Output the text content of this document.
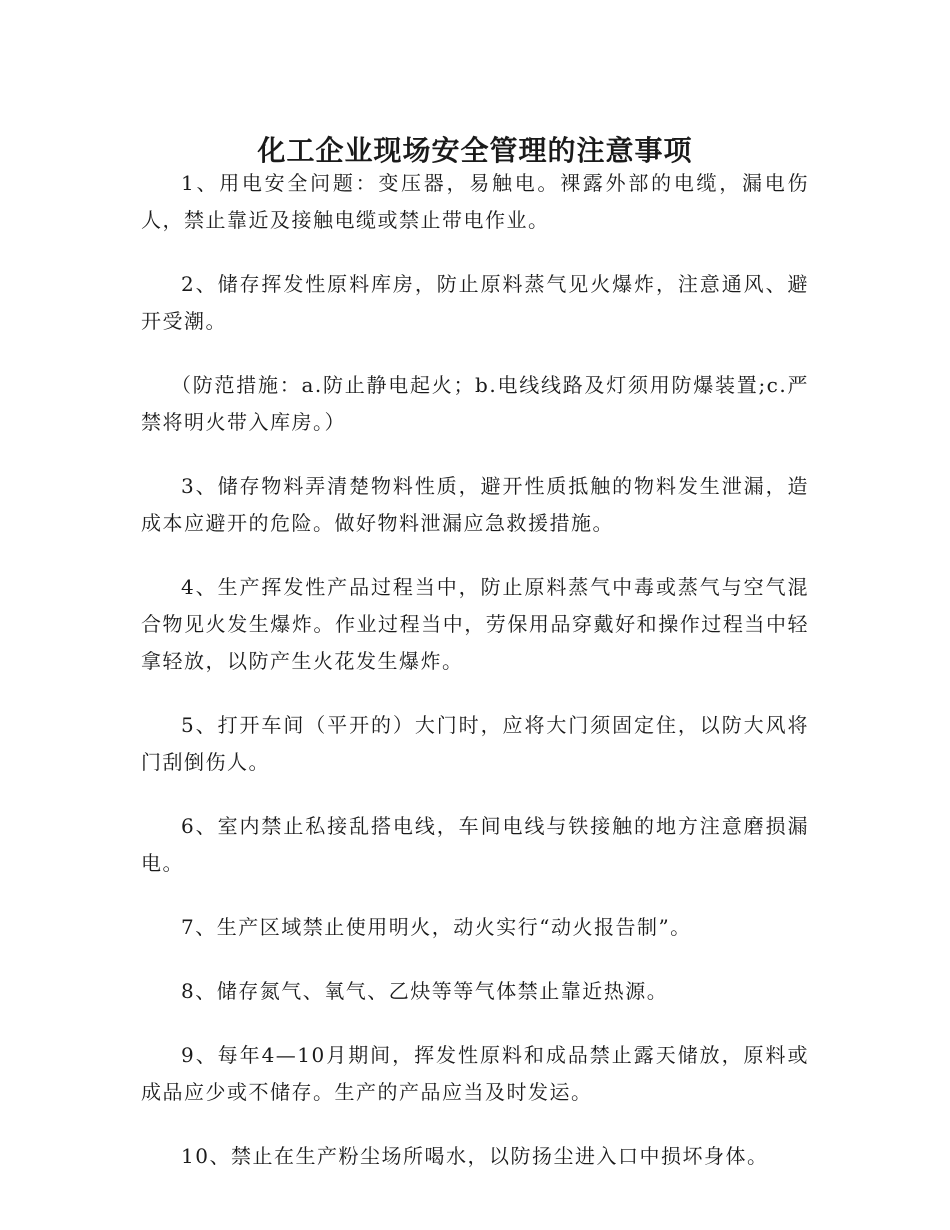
化工企业现场安全管理的注意事项

1、用电安全问题：变压器，易触电。裸露外部的电缆，漏电伤人，禁止靠近及接触电缆或禁止带电作业。

2、储存挥发性原料库房，防止原料蒸气见火爆炸，注意通风、避开受潮。

（防范措施：a.防止静电起火；b.电线线路及灯须用防爆装置;c.严禁将明火带入库房。）

3、储存物料弄清楚物料性质，避开性质抵触的物料发生泄漏，造成本应避开的危险。做好物料泄漏应急救援措施。

4、生产挥发性产品过程当中，防止原料蒸气中毒或蒸气与空气混合物见火发生爆炸。作业过程当中，劳保用品穿戴好和操作过程当中轻拿轻放，以防产生火花发生爆炸。

5、打开车间（平开的）大门时，应将大门须固定住，以防大风将门刮倒伤人。

6、室内禁止私接乱搭电线，车间电线与铁接触的地方注意磨损漏电。

7、生产区域禁止使用明火，动火实行“动火报告制”。

8、储存氮气、氧气、乙炔等等气体禁止靠近热源。

9、每年4—10月期间，挥发性原料和成品禁止露天储放，原料或成品应少或不储存。生产的产品应当及时发运。

10、禁止在生产粉尘场所喝水，以防扬尘进入口中损坏身体。
